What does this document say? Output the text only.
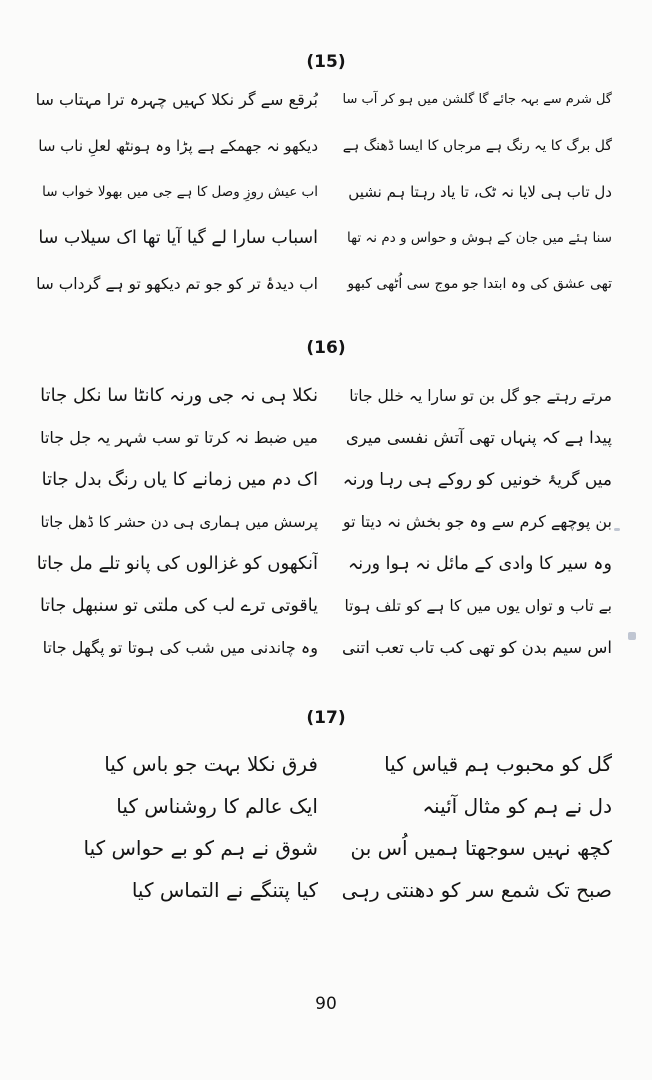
(15)
گل شرم سے بہہ جائے گا گلشن میں ہو کر آب سا
بُرقع سے گر نکلا کہیں چہرہ ترا مہتاب سا
گل برگ کا یہ رنگ ہے مرجاں کا ایسا ڈھنگ ہے
دیکھو نہ جھمکے ہے پڑا وہ ہونٹھ لعلِ ناب سا
دل تاب ہی لایا نہ ٹک، تا یاد رہتا ہم نشیں
اب عیش روزِ وصل کا ہے جی میں بھولا خواب سا
سنا ہئے میں جان کے ہوش و حواس و دم نہ تھا
اسباب سارا لے گیا آیا تھا اک سیلاب سا
تھی عشق کی وہ ابتدا جو موج سی اُٹھی کبھو
اب دیدۂ تر کو جو تم دیکھو تو ہے گرداب سا
(16)
مرتے رہتے جو گل بن تو سارا یہ خلل جاتا
نکلا ہی نہ جی ورنہ کانٹا سا نکل جاتا
پیدا ہے کہ پنہاں تھی آتش نفسی میری
میں ضبط نہ کرتا تو سب شہر یہ جل جاتا
میں گریۂ خونیں کو روکے ہی رہا ورنہ
اک دم میں زمانے کا یاں رنگ بدل جاتا
بن پوچھے کرم سے وہ جو بخش نہ دیتا تو
پرسش میں ہماری ہی دن حشر کا ڈھل جاتا
وہ سیر کا وادی کے مائل نہ ہوا ورنہ
آنکھوں کو غزالوں کی پانو تلے مل جاتا
بے تاب و تواں یوں میں کا ہے کو تلف ہوتا
یاقوتی ترے لب کی ملتی تو سنبھل جاتا
اس سیم بدن کو تھی کب تاب تعب اتنی
وہ چاندنی میں شب کی ہوتا تو پگھل جاتا
(17)
گل کو محبوب ہم قیاس کیا
فرق نکلا بہت جو باس کیا
دل نے ہم کو مثال آئینہ
ایک عالم کا روشناس کیا
کچھ نہیں سوجھتا ہمیں اُس بن
شوق نے ہم کو بے حواس کیا
صبح تک شمع سر کو دھنتی رہی
کیا پتنگے نے التماس کیا
90
